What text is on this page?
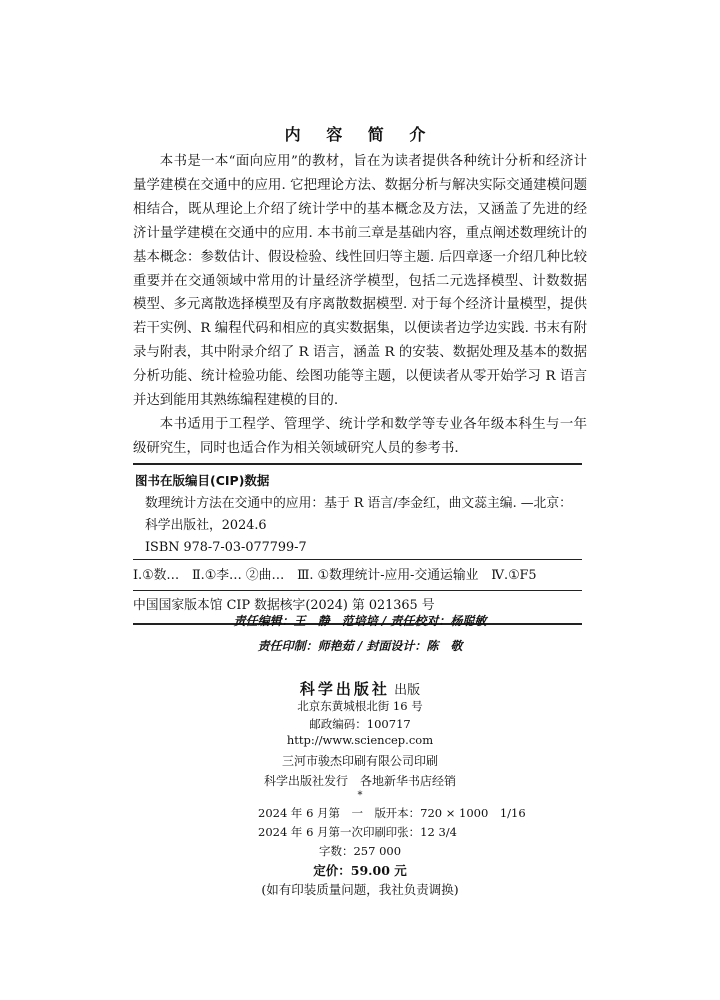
内 容 简 介

本书是一本“面向应用”的教材，旨在为读者提供各种统计分析和经济计量学建模在交通中的应用. 它把理论方法、数据分析与解决实际交通建模问题相结合，既从理论上介绍了统计学中的基本概念及方法，又涵盖了先进的经济计量学建模在交通中的应用. 本书前三章是基础内容，重点阐述数理统计的基本概念：参数估计、假设检验、线性回归等主题. 后四章逐一介绍几种比较重要并在交通领域中常用的计量经济学模型，包括二元选择模型、计数数据模型、多元离散选择模型及有序离散数据模型. 对于每个经济计量模型，提供若干实例、R 编程代码和相应的真实数据集，以便读者边学边实践. 书末有附录与附表，其中附录介绍了 R 语言，涵盖 R 的安装、数据处理及基本的数据分析功能、统计检验功能、绘图功能等主题，以便读者从零开始学习 R 语言并达到能用其熟练编程建模的目的.

本书适用于工程学、管理学、统计学和数学等专业各年级本科生与一年级研究生，同时也适合作为相关领域研究人员的参考书.

图书在版编目(CIP)数据
数理统计方法在交通中的应用：基于 R 语言/李金红，曲文蕊主编. —北京：科学出版社，2024.6
ISBN 978-7-03-077799-7
Ⅰ.①数…　Ⅱ.①李… ②曲…　Ⅲ. ①数理统计-应用-交通运输业　Ⅳ.①F5
中国国家版本馆 CIP 数据核字(2024) 第 021365 号
责任编辑：王　静　范培培 / 责任校对：杨聪敏
责任印制：师艳茹 / 封面设计：陈　敬
科学出版社 出版
北京东黄城根北街 16 号
邮政编码：100717
http://www.sciencep.com
三河市骏杰印刷有限公司印刷
科学出版社发行　各地新华书店经销
*
2024 年 6 月第　一　版 开本：720 × 1000　1/16
2024 年 6 月第一次印刷 印张：12 3/4
字数：257 000
定价：59.00 元
(如有印装质量问题，我社负责调换)
